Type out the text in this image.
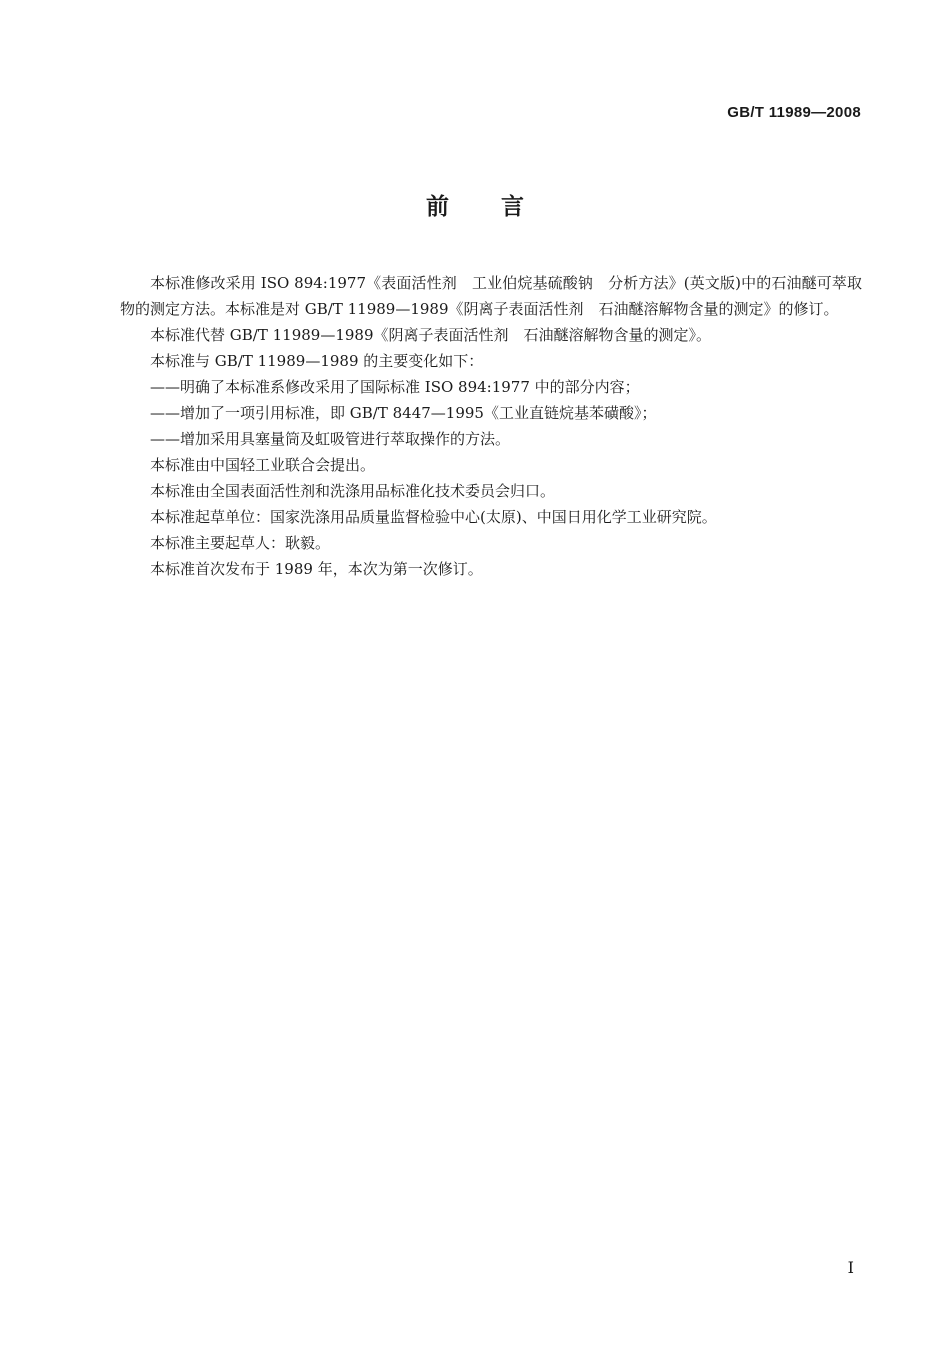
GB/T 11989—2008
前言

本标准修改采用 ISO 894:1977《表面活性剂　工业伯烷基硫酸钠　分析方法》(英文版)中的石油醚可萃取物的测定方法。本标准是对 GB/T 11989—1989《阴离子表面活性剂　石油醚溶解物含量的测定》的修订。

本标准代替 GB/T 11989—1989《阴离子表面活性剂　石油醚溶解物含量的测定》。

本标准与 GB/T 11989—1989 的主要变化如下：

——明确了本标准系修改采用了国际标准 ISO 894:1977 中的部分内容；

——增加了一项引用标准，即 GB/T 8447—1995《工业直链烷基苯磺酸》；

——增加采用具塞量筒及虹吸管进行萃取操作的方法。

本标准由中国轻工业联合会提出。

本标准由全国表面活性剂和洗涤用品标准化技术委员会归口。

本标准起草单位：国家洗涤用品质量监督检验中心(太原)、中国日用化学工业研究院。

本标准主要起草人：耿毅。

本标准首次发布于 1989 年，本次为第一次修订。

I
